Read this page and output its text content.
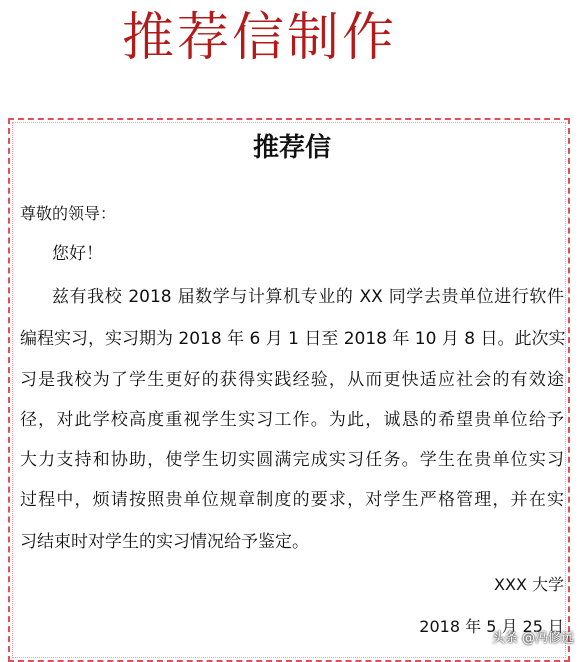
推荐信制作
推荐信
尊敬的领导：
您好！
兹有我校 2018 届数学与计算机专业的 XX 同学去贵单位进行软件
编程实习，实习期为 2018 年 6 月 1 日至 2018 年 10 月 8 日。此次实
习是我校为了学生更好的获得实践经验，从而更快适应社会的有效途
径，对此学校高度重视学生实习工作。为此，诚恳的希望贵单位给予
大力支持和协助，使学生切实圆满完成实习任务。学生在贵单位实习
过程中，烦请按照贵单位规章制度的要求，对学生严格管理，并在实
习结束时对学生的实习情况给予鉴定。
XXX 大学
2018 年 5 月 25 日
头条 @冯修远
